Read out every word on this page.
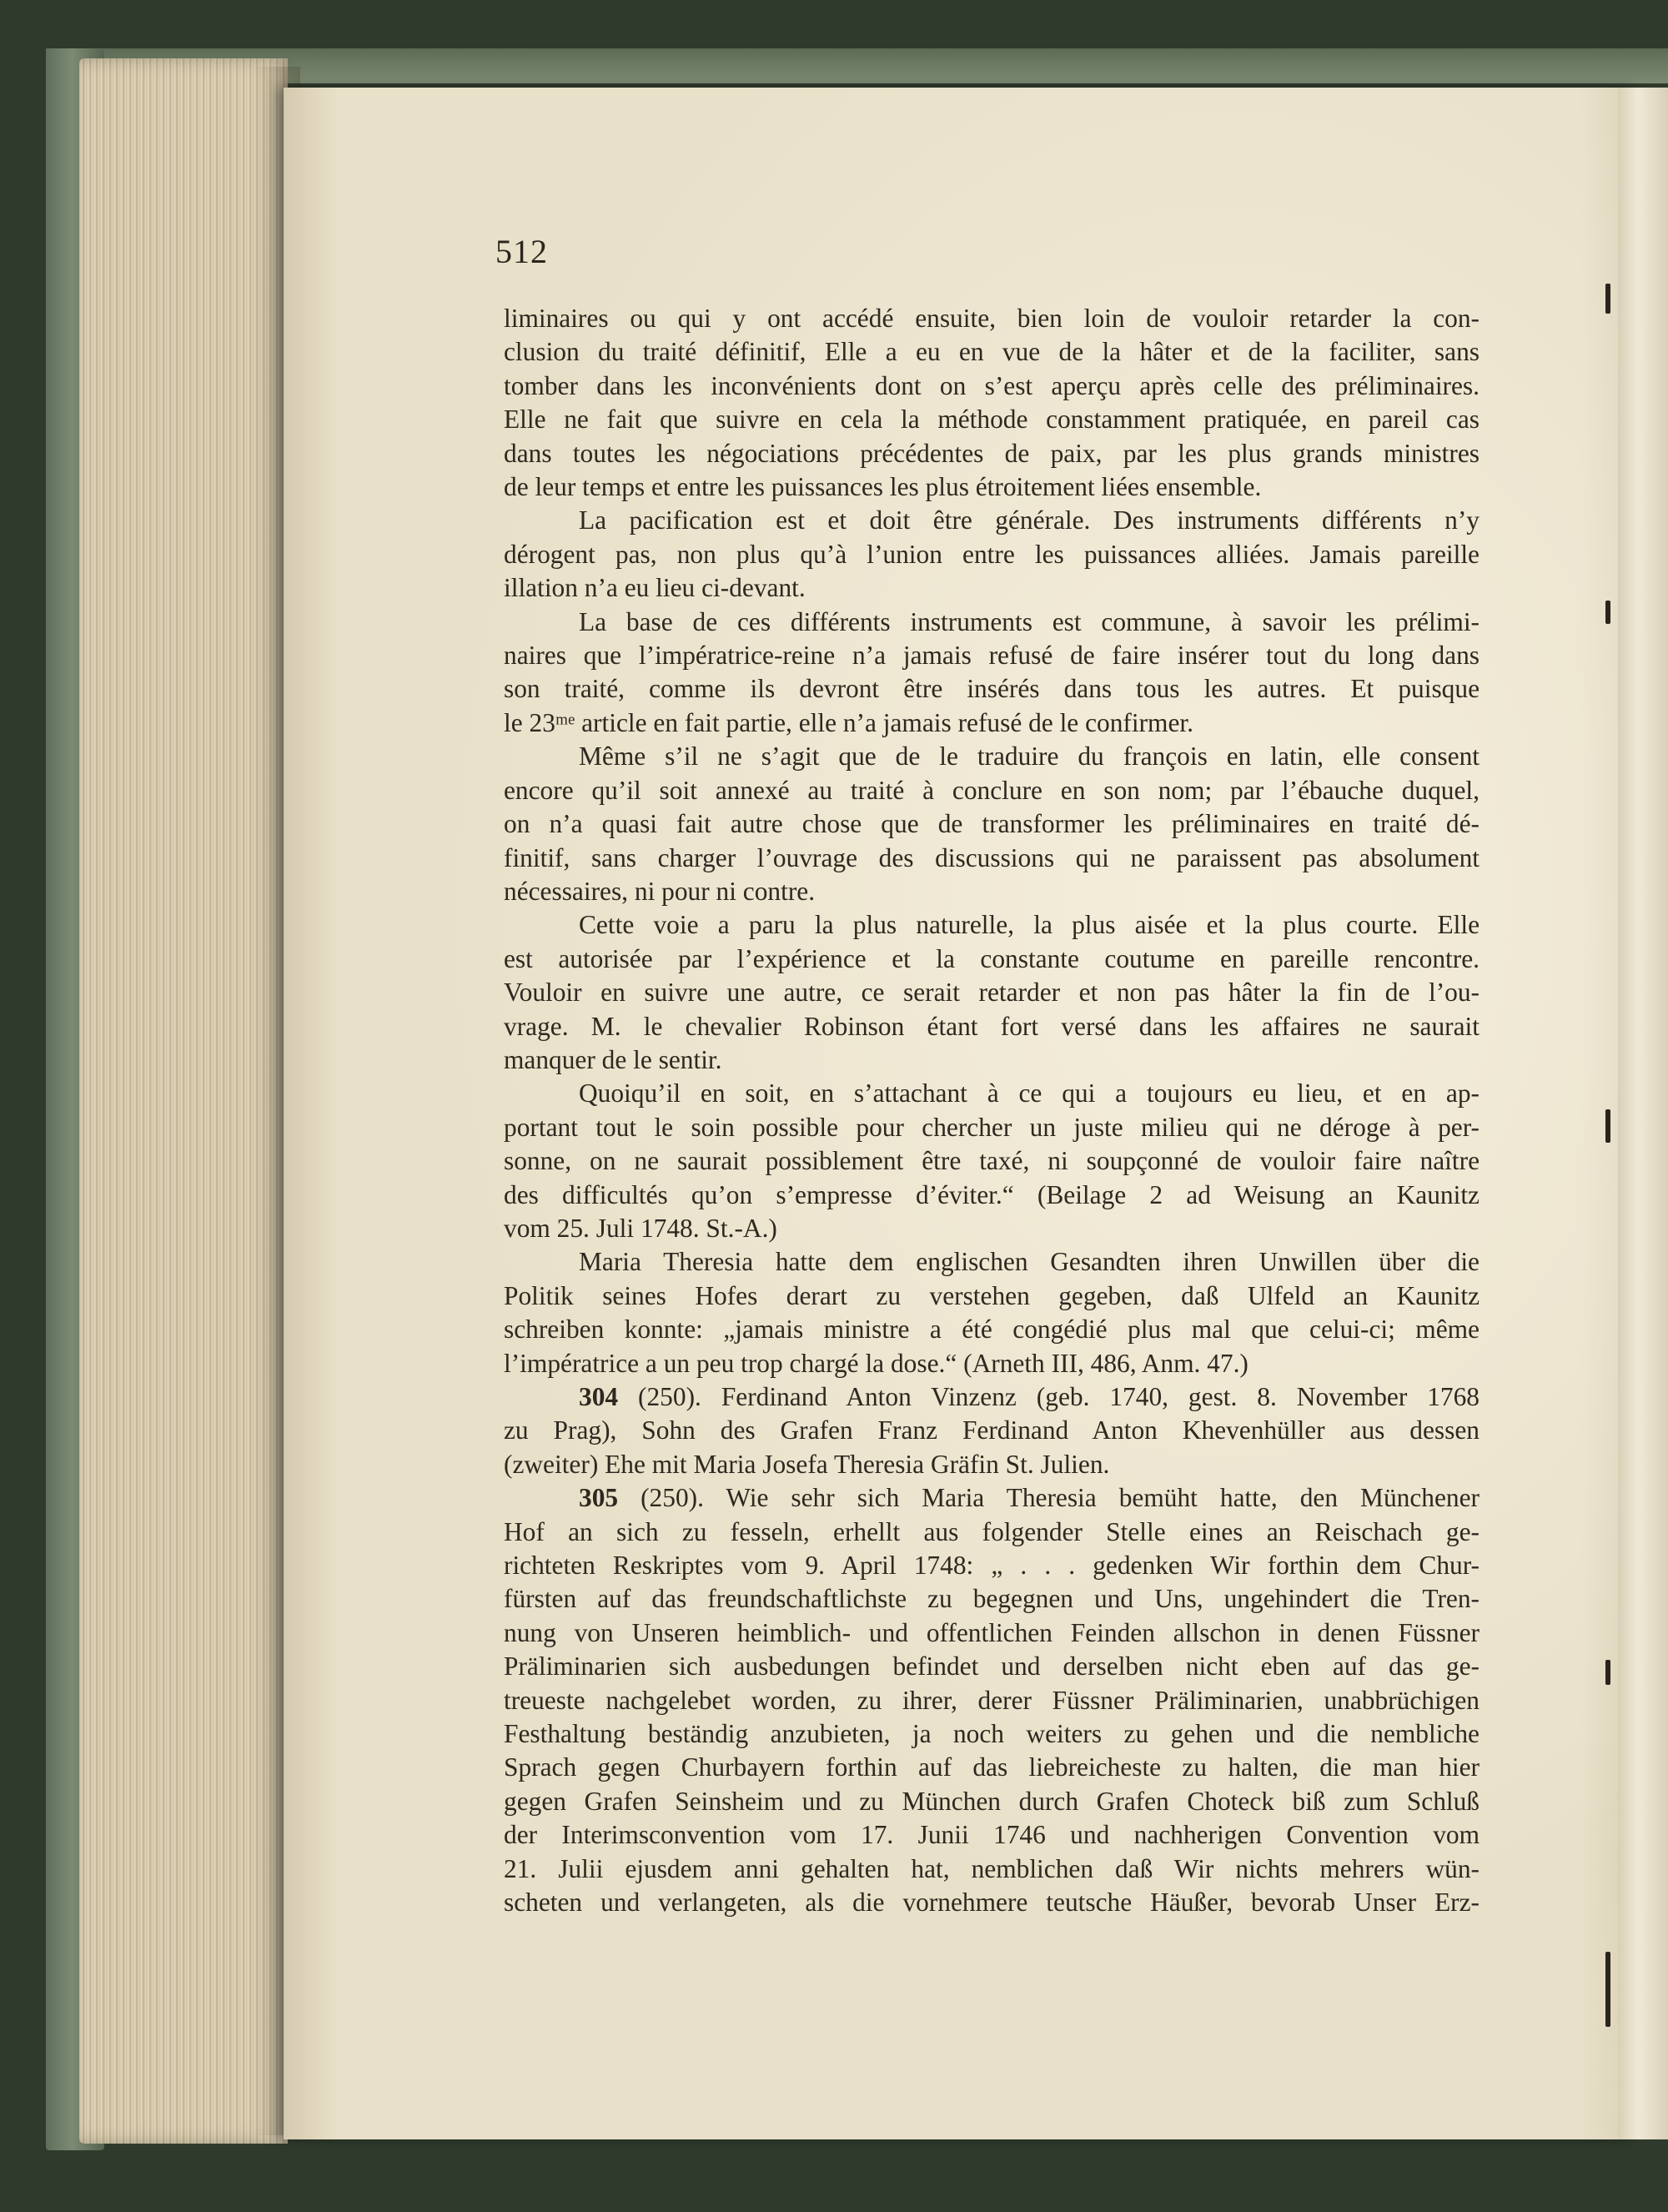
512
liminaires ou qui y ont accédé ensuite, bien loin de vouloir retarder la con-
clusion du traité définitif, Elle a eu en vue de la hâter et de la faciliter, sans
tomber dans les inconvénients dont on s’est aperçu après celle des préliminaires.
Elle ne fait que suivre en cela la méthode constamment pratiquée, en pareil cas
dans toutes les négociations précédentes de paix, par les plus grands ministres
de leur temps et entre les puissances les plus étroitement liées ensemble.
La pacification est et doit être générale. Des instruments différents n’y
dérogent pas, non plus qu’à l’union entre les puissances alliées. Jamais pareille
illation n’a eu lieu ci-devant.
La base de ces différents instruments est commune, à savoir les prélimi-
naires que l’impératrice-reine n’a jamais refusé de faire insérer tout du long dans
son traité, comme ils devront être insérés dans tous les autres. Et puisque
le 23ᵐᵉ article en fait partie, elle n’a jamais refusé de le confirmer.
Même s’il ne s’agit que de le traduire du françois en latin, elle consent
encore qu’il soit annexé au traité à conclure en son nom; par l’ébauche duquel,
on n’a quasi fait autre chose que de transformer les préliminaires en traité dé-
finitif, sans charger l’ouvrage des discussions qui ne paraissent pas absolument
nécessaires, ni pour ni contre.
Cette voie a paru la plus naturelle, la plus aisée et la plus courte. Elle
est autorisée par l’expérience et la constante coutume en pareille rencontre.
Vouloir en suivre une autre, ce serait retarder et non pas hâter la fin de l’ou-
vrage. M. le chevalier Robinson étant fort versé dans les affaires ne saurait
manquer de le sentir.
Quoiqu’il en soit, en s’attachant à ce qui a toujours eu lieu, et en ap-
portant tout le soin possible pour chercher un juste milieu qui ne déroge à per-
sonne, on ne saurait possiblement être taxé, ni soupçonné de vouloir faire naître
des difficultés qu’on s’empresse d’éviter.“ (Beilage 2 ad Weisung an Kaunitz
vom 25. Juli 1748. St.-A.)
Maria Theresia hatte dem englischen Gesandten ihren Unwillen über die
Politik seines Hofes derart zu verstehen gegeben, daß Ulfeld an Kaunitz
schreiben konnte: „jamais ministre a été congédié plus mal que celui-ci; même
l’impératrice a un peu trop chargé la dose.“ (Arneth III, 486, Anm. 47.)
304 (250). Ferdinand Anton Vinzenz (geb. 1740, gest. 8. November 1768
zu Prag), Sohn des Grafen Franz Ferdinand Anton Khevenhüller aus dessen
(zweiter) Ehe mit Maria Josefa Theresia Gräfin St. Julien.
305 (250). Wie sehr sich Maria Theresia bemüht hatte, den Münchener
Hof an sich zu fesseln, erhellt aus folgender Stelle eines an Reischach ge-
richteten Reskriptes vom 9. April 1748: „ . . . gedenken Wir forthin dem Chur-
fürsten auf das freundschaftlichste zu begegnen und Uns, ungehindert die Tren-
nung von Unseren heimblich- und offentlichen Feinden allschon in denen Füssner
Präliminarien sich ausbedungen befindet und derselben nicht eben auf das ge-
treueste nachgelebet worden, zu ihrer, derer Füssner Präliminarien, unabbrüchigen
Festhaltung beständig anzubieten, ja noch weiters zu gehen und die nembliche
Sprach gegen Churbayern forthin auf das liebreicheste zu halten, die man hier
gegen Grafen Seinsheim und zu München durch Grafen Choteck biß zum Schluß
der Interimsconvention vom 17. Junii 1746 und nachherigen Convention vom
21. Julii ejusdem anni gehalten hat, nemblichen daß Wir nichts mehrers wün-
scheten und verlangeten, als die vornehmere teutsche Häußer, bevorab Unser Erz-
